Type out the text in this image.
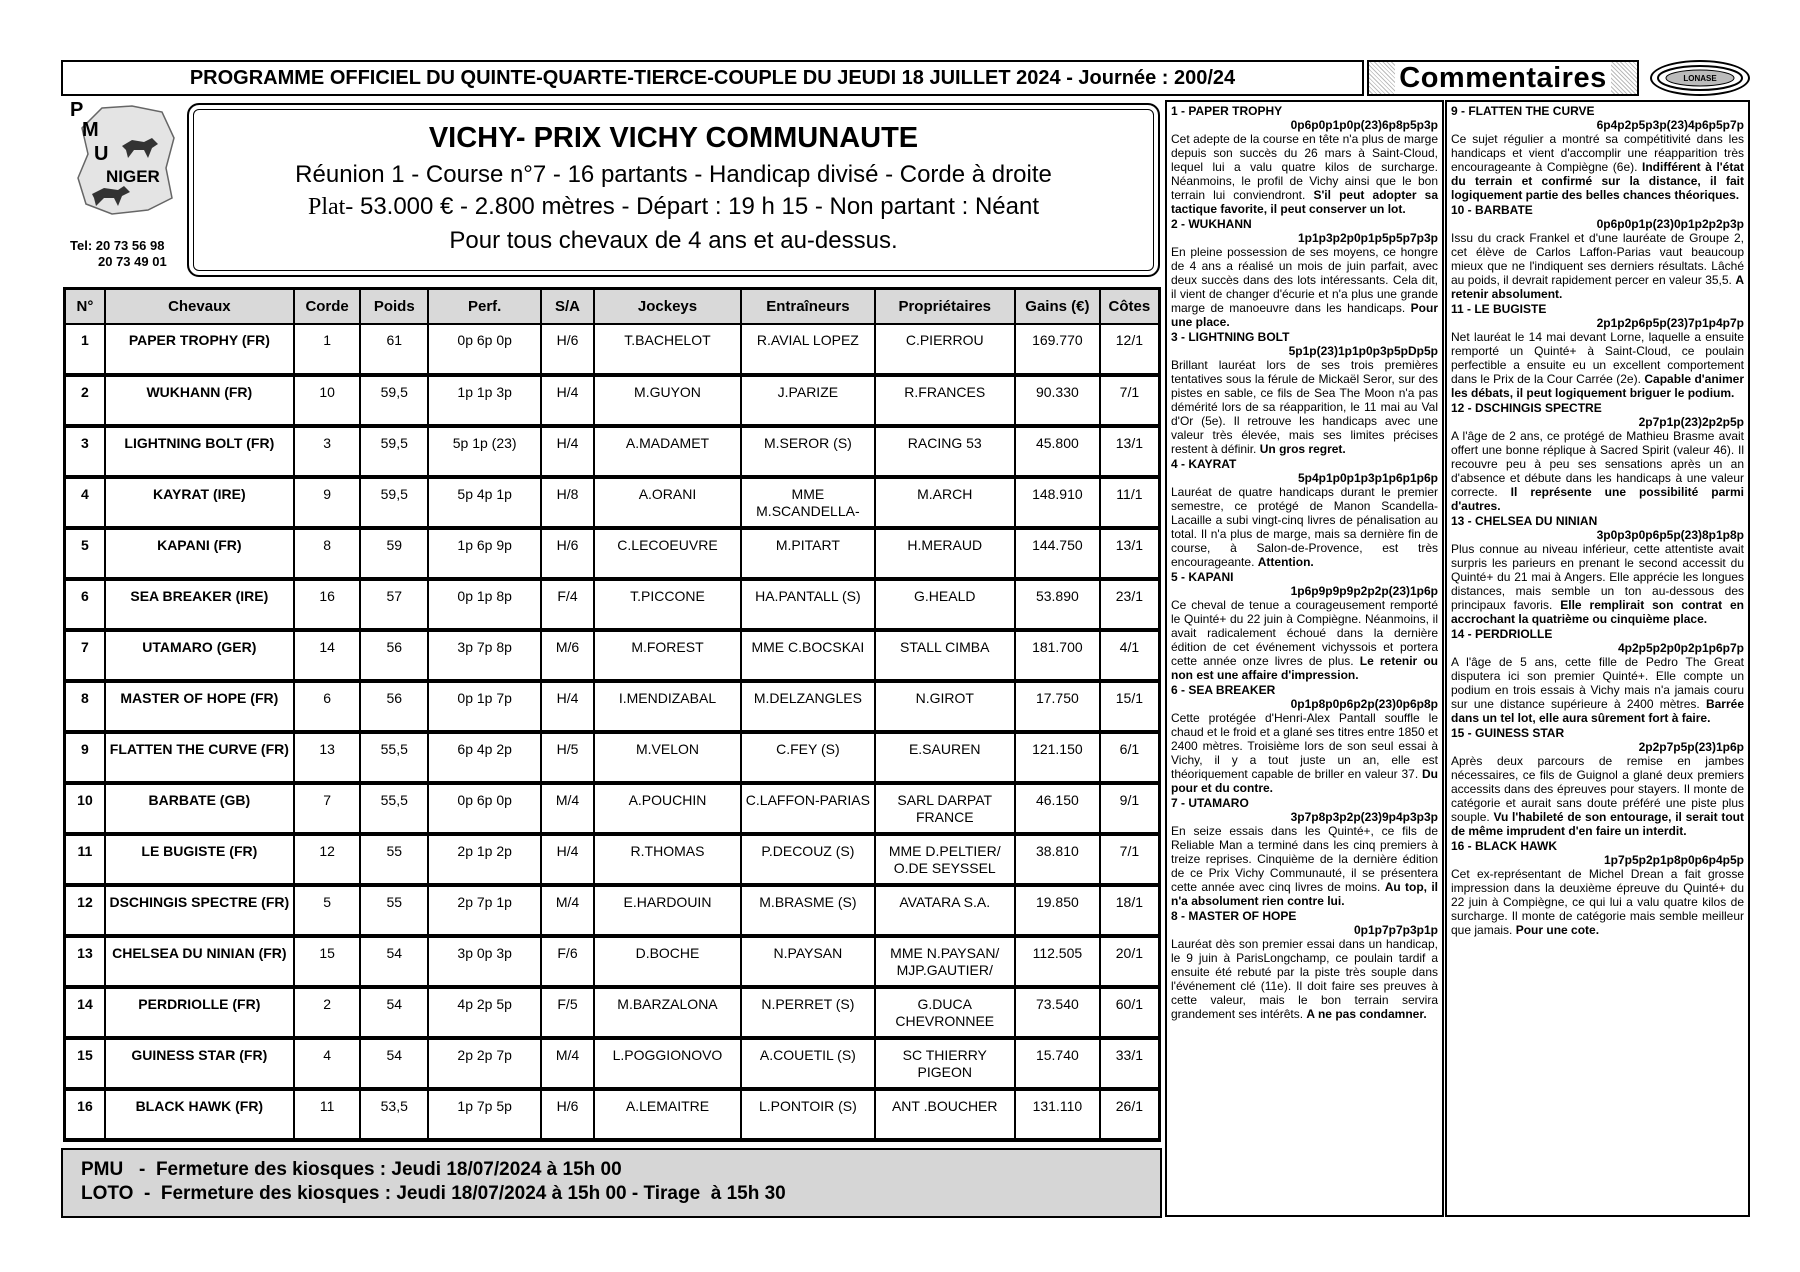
PROGRAMME OFFICIEL DU QUINTE-QUARTE-TIERCE-COUPLE DU JEUDI 18 JUILLET 2024 - Journée : 200/24	Commentaires	LONASE
P
M
U
NIGER
Tel: 20 73 56 98
20 73 49 01
VICHY- PRIX VICHY COMMUNAUTE
Réunion 1 - Course n°7 - 16 partants - Handicap divisé - Corde à droite
Plat- 53.000 € - 2.800 mètres - Départ : 19 h 15 - Non partant : Néant
Pour tous chevaux de 4 ans et au-dessus.
N°	Chevaux	Corde	Poids	Perf.	S/A	Jockeys	Entraîneurs	Propriétaires	Gains (€)	Côtes
1	PAPER TROPHY (FR)	1	61	0p 6p 0p	H/6	T.BACHELOT	R.AVIAL LOPEZ	C.PIERROU	169.770	12/1
2	WUKHANN (FR)	10	59,5	1p 1p 3p	H/4	M.GUYON	J.PARIZE	R.FRANCES	90.330	7/1
3	LIGHTNING BOLT (FR)	3	59,5	5p 1p (23)	H/4	A.MADAMET	M.SEROR (S)	RACING 53	45.800	13/1
4	KAYRAT (IRE)	9	59,5	5p 4p 1p	H/8	A.ORANI	MME M.SCANDELLA-	M.ARCH	148.910	11/1
5	KAPANI (FR)	8	59	1p 6p 9p	H/6	C.LECOEUVRE	M.PITART	H.MERAUD	144.750	13/1
6	SEA BREAKER (IRE)	16	57	0p 1p 8p	F/4	T.PICCONE	HA.PANTALL (S)	G.HEALD	53.890	23/1
7	UTAMARO (GER)	14	56	3p 7p 8p	M/6	M.FOREST	MME C.BOCSKAI	STALL CIMBA	181.700	4/1
8	MASTER OF HOPE (FR)	6	56	0p 1p 7p	H/4	I.MENDIZABAL	M.DELZANGLES	N.GIROT	17.750	15/1
9	FLATTEN THE CURVE (FR)	13	55,5	6p 4p 2p	H/5	M.VELON	C.FEY (S)	E.SAUREN	121.150	6/1
10	BARBATE (GB)	7	55,5	0p 6p 0p	M/4	A.POUCHIN	C.LAFFON-PARIAS	SARL DARPAT FRANCE	46.150	9/1
11	LE BUGISTE (FR)	12	55	2p 1p 2p	H/4	R.THOMAS	P.DECOUZ (S)	MME D.PELTIER/ O.DE SEYSSEL	38.810	7/1
12	DSCHINGIS SPECTRE (FR)	5	55	2p 7p 1p	M/4	E.HARDOUIN	M.BRASME (S)	AVATARA S.A.	19.850	18/1
13	CHELSEA DU NINIAN (FR)	15	54	3p 0p 3p	F/6	D.BOCHE	N.PAYSAN	MME N.PAYSAN/ MJP.GAUTIER/	112.505	20/1
14	PERDRIOLLE (FR)	2	54	4p 2p 5p	F/5	M.BARZALONA	N.PERRET (S)	G.DUCA CHEVRONNEE	73.540	60/1
15	GUINESS STAR (FR)	4	54	2p 2p 7p	M/4	L.POGGIONOVO	A.COUETIL (S)	SC THIERRY PIGEON	15.740	33/1
16	BLACK HAWK (FR)	11	53,5	1p 7p 5p	H/6	A.LEMAITRE	L.PONTOIR (S)	ANT .BOUCHER	131.110	26/1
PMU   -  Fermeture des kiosques : Jeudi 18/07/2024 à 15h 00
LOTO  -  Fermeture des kiosques : Jeudi 18/07/2024 à 15h 00 - Tirage  à 15h 30
1 - PAPER TROPHY
0p6p0p1p0p(23)6p8p5p3p
Cet adepte de la course en tête n'a plus de marge depuis son succès du 26 mars à Saint-Cloud, lequel lui a valu quatre kilos de surcharge. Néanmoins, le profil de Vichy ainsi que le bon terrain lui conviendront. S'il peut adopter sa tactique favorite, il peut conserver un lot.
2 - WUKHANN
1p1p3p2p0p1p5p5p7p3p
En pleine possession de ses moyens, ce hongre de 4 ans a réalisé un mois de juin parfait, avec deux succès dans des lots intéressants. Cela dit, il vient de changer d'écurie et n'a plus une grande marge de manoeuvre dans les handicaps. Pour une place.
3 - LIGHTNING BOLT
5p1p(23)1p1p0p3p5pDp5p
Brillant lauréat lors de ses trois premières tentatives sous la férule de Mickaël Seror, sur des pistes en sable, ce fils de Sea The Moon n'a pas démérité lors de sa réapparition, le 11 mai au Val d'Or (5e). Il retrouve les handicaps avec une valeur très élevée, mais ses limites précises restent à définir. Un gros regret.
4 - KAYRAT
5p4p1p0p1p3p1p6p1p6p
Lauréat de quatre handicaps durant le premier semestre, ce protégé de Manon Scandella-Lacaille a subi vingt-cinq livres de pénalisation au total. Il n'a plus de marge, mais sa dernière fin de course, à Salon-de-Provence, est très encourageante. Attention.
5 - KAPANI
1p6p9p9p9p2p2p(23)1p6p
Ce cheval de tenue a courageusement remporté le Quinté+ du 22 juin à Compiègne. Néanmoins, il avait radicalement échoué dans la dernière édition de cet événement vichyssois et portera cette année onze livres de plus. Le retenir ou non est une affaire d'impression.
6 - SEA BREAKER
0p1p8p0p6p2p(23)0p6p8p
Cette protégée d'Henri-Alex Pantall souffle le chaud et le froid et a glané ses titres entre 1850 et 2400 mètres. Troisième lors de son seul essai à Vichy, il y a tout juste un an, elle est théoriquement capable de briller en valeur 37. Du pour et du contre.
7 - UTAMARO
3p7p8p3p2p(23)9p4p3p3p
En seize essais dans les Quinté+, ce fils de Reliable Man a terminé dans les cinq premiers à treize reprises. Cinquième de la dernière édition de ce Prix Vichy Communauté, il se présentera cette année avec cinq livres de moins. Au top, il n'a absolument rien contre lui.
8 - MASTER OF HOPE
0p1p7p7p3p1p
Lauréat dès son premier essai dans un handicap, le 9 juin à ParisLongchamp, ce poulain tardif a ensuite été rebuté par la piste très souple dans l'événement clé (11e). Il doit faire ses preuves à cette valeur, mais le bon terrain servira grandement ses intérêts. A ne pas condamner.
9 - FLATTEN THE CURVE
6p4p2p5p3p(23)4p6p5p7p
Ce sujet régulier a montré sa compétitivité dans les handicaps et vient d'accomplir une réapparition très encourageante à Compiègne (6e). Indifférent à l'état du terrain et confirmé sur la distance, il fait logiquement partie des belles chances théoriques.
10 - BARBATE
0p6p0p1p(23)0p1p2p2p3p
Issu du crack Frankel et d'une lauréate de Groupe 2, cet élève de Carlos Laffon-Parias vaut beaucoup mieux que ne l'indiquent ses derniers résultats. Lâché au poids, il devrait rapidement percer en valeur 35,5. A retenir absolument.
11 - LE BUGISTE
2p1p2p6p5p(23)7p1p4p7p
Net lauréat le 14 mai devant Lorne, laquelle a ensuite remporté un Quinté+ à Saint-Cloud, ce poulain perfectible a ensuite eu un excellent comportement dans le Prix de la Cour Carrée (2e). Capable d'animer les débats, il peut logiquement briguer le podium.
12 - DSCHINGIS SPECTRE
2p7p1p(23)2p2p5p
A l'âge de 2 ans, ce protégé de Mathieu Brasme avait offert une bonne réplique à Sacred Spirit (valeur 46). Il recouvre peu à peu ses sensations après un an d'absence et débute dans les handicaps à une valeur correcte. Il représente une possibilité parmi d'autres.
13 - CHELSEA DU NINIAN
3p0p3p0p6p5p(23)8p1p8p
Plus connue au niveau inférieur, cette attentiste avait surpris les parieurs en prenant le second accessit du Quinté+ du 21 mai à Angers. Elle apprécie les longues distances, mais semble un ton au-dessous des principaux favoris. Elle remplirait son contrat en accrochant la quatrième ou cinquième place.
14 - PERDRIOLLE
4p2p5p2p0p2p1p6p7p
A l'âge de 5 ans, cette fille de Pedro The Great disputera ici son premier Quinté+. Elle compte un podium en trois essais à Vichy mais n'a jamais couru sur une distance supérieure à 2400 mètres. Barrée dans un tel lot, elle aura sûrement fort à faire.
15 - GUINESS STAR
2p2p7p5p(23)1p6p
Après deux parcours de remise en jambes nécessaires, ce fils de Guignol a glané deux premiers accessits dans des épreuves pour stayers. Il monte de catégorie et aurait sans doute préféré une piste plus souple. Vu l'habileté de son entourage, il serait tout de même imprudent d'en faire un interdit.
16 - BLACK HAWK
1p7p5p2p1p8p0p6p4p5p
Cet ex-représentant de Michel Drean a fait grosse impression dans la deuxième épreuve du Quinté+ du 22 juin à Compiègne, ce qui lui a valu quatre kilos de surcharge. Il monte de catégorie mais semble meilleur que jamais. Pour une cote.
